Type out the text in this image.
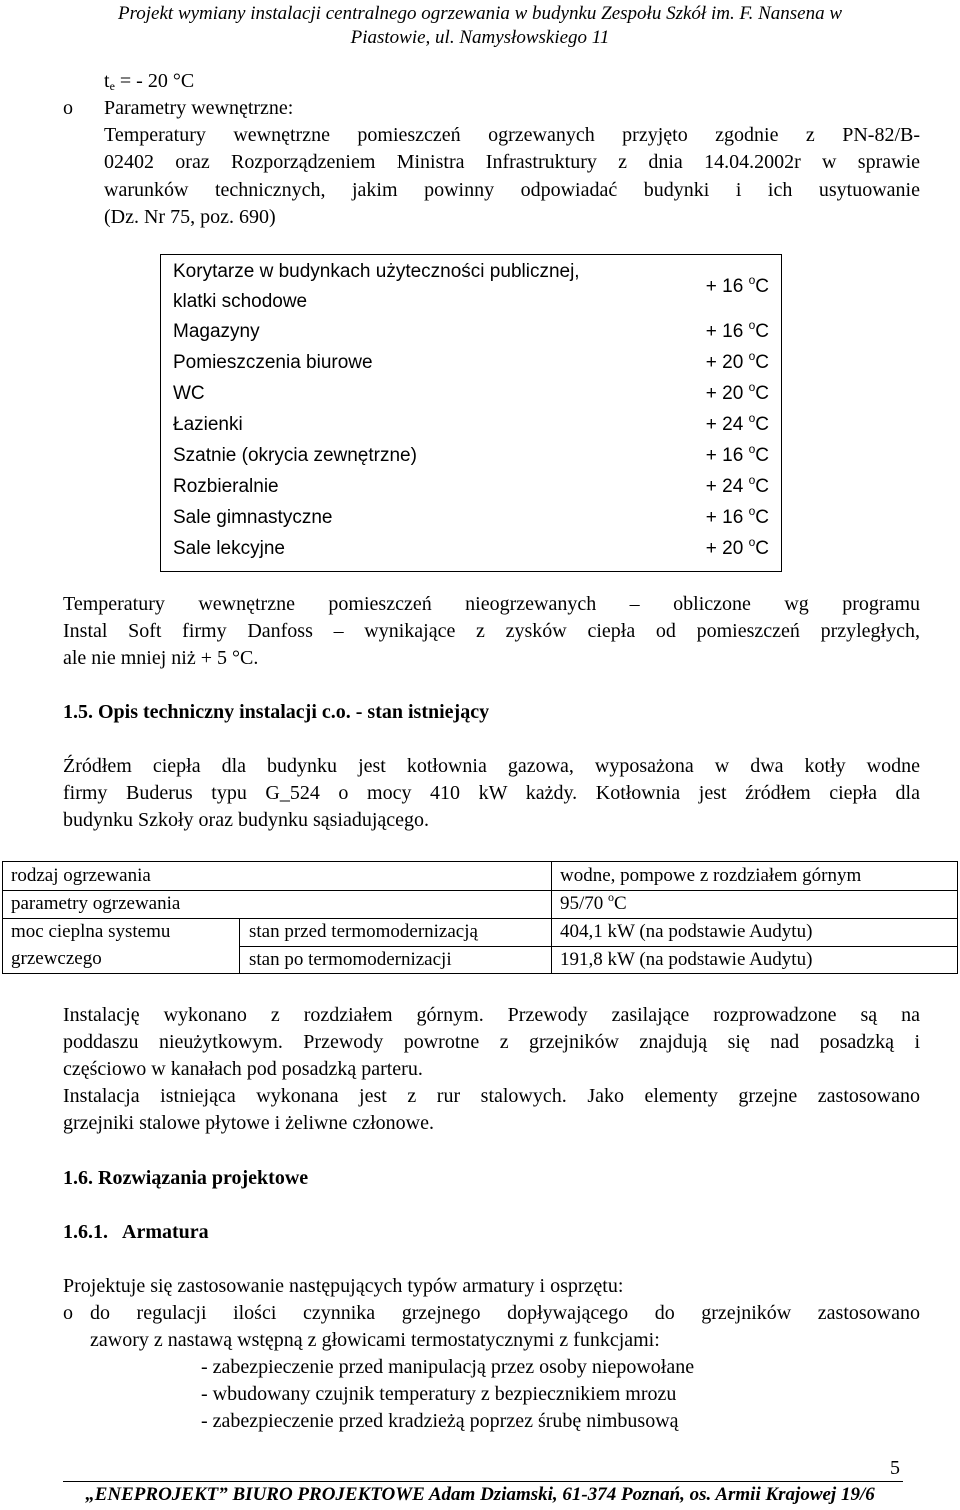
Projekt wymiany instalacji centralnego ogrzewania w budynku Zespołu Szkół im. F. Nansena w
Piastowie, ul. Namysłowskiego 11
$t_e$ = - 20 °C
o Parametry wewnętrzne:
Temperatury wewnętrzne pomieszczeń ogrzewanych przyjęto zgodnie z PN-82/B-
02402 oraz Rozporządzeniem Ministra Infrastruktury z dnia 14.04.2002r w sprawie
warunków technicznych, jakim powinny odpowiadać budynki i ich usytuowanie
(Dz. Nr 75, poz. 690)
Korytarze w budynkach użyteczności publicznej,
klatki schodowe
+ 16 $^o$C
Magazyny	+ 16 $^o$C
Pomieszczenia biurowe	+ 20 $^o$C
WC	+ 20 $^o$C
Łazienki	+ 24 $^o$C
Szatnie (okrycia zewnętrzne)	+ 16 $^o$C
Rozbieralnie	+ 24 $^o$C
Sale gimnastyczne	+ 16 $^o$C
Sale lekcyjne	+ 20 $^o$C
Temperatury wewnętrzne pomieszczeń nieogrzewanych – obliczone wg programu
Instal Soft firmy Danfoss – wynikające z zysków ciepła od pomieszczeń przyległych,
ale nie mniej niż + 5 °C.
1.5. Opis techniczny instalacji c.o. - stan istniejący
Źródłem ciepła dla budynku jest kotłownia gazowa, wyposażona w dwa kotły wodne
firmy Buderus typu G_524 o mocy 410 kW każdy. Kotłownia jest źródłem ciepła dla
budynku Szkoły oraz budynku sąsiadującego.
rodzaj ogrzewania	wodne, pompowe z rozdziałem górnym
parametry ogrzewania	95/70 $^o$C
moc cieplna systemu
grzewczego
stan przed termomodernizacją	404,1 kW (na podstawie Audytu)
stan po termomodernizacji	191,8 kW (na podstawie Audytu)
Instalację wykonano z rozdziałem górnym. Przewody zasilające rozprowadzone są na
poddaszu nieużytkowym. Przewody powrotne z grzejników znajdują się nad posadzką i
częściowo w kanałach pod posadzką parteru.
Instalacja istniejąca wykonana jest z rur stalowych. Jako elementy grzejne zastosowano
grzejniki stalowe płytowe i żeliwne członowe.
1.6. Rozwiązania projektowe
1.6.1. Armatura
Projektuje się zastosowanie następujących typów armatury i osprzętu:
o do regulacji ilości czynnika grzejnego dopływającego do grzejników zastosowano
zawory z nastawą wstępną z głowicami termostatycznymi z funkcjami:
- zabezpieczenie przed manipulacją przez osoby niepowołane
- wbudowany czujnik temperatury z bezpiecznikiem mrozu
- zabezpieczenie przed kradzieżą poprzez śrubę nimbusową
5
„ENEPROJEKT” BIURO PROJEKTOWE Adam Dziamski, 61-374 Poznań, os. Armii Krajowej 19/6
